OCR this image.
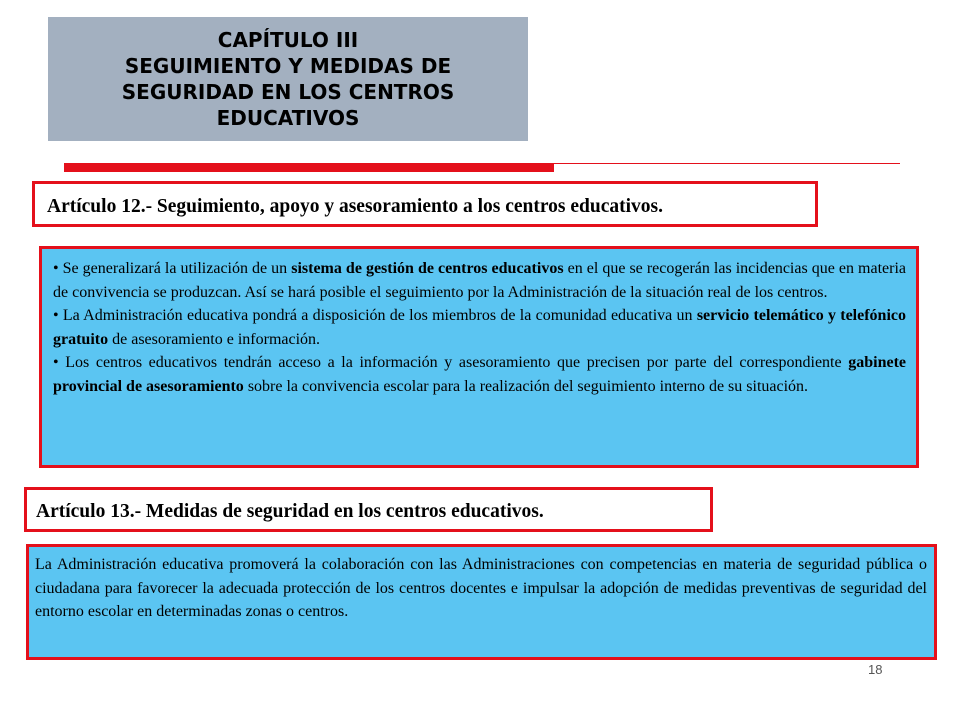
CAPÍTULO III
SEGUIMIENTO Y MEDIDAS DE
SEGURIDAD EN LOS CENTROS
EDUCATIVOS
Artículo 12.- Seguimiento, apoyo y asesoramiento a los centros educativos.

• Se generalizará la utilización de un sistema de gestión de centros educativos en el que se recogerán las incidencias que en materia de convivencia se produzcan. Así se hará posible el seguimiento por la Administración de la situación real de los centros.

• La Administración educativa pondrá a disposición de los miembros de la comunidad educativa un servicio telemático y telefónico gratuito de asesoramiento e información.

• Los centros educativos tendrán acceso a la información y asesoramiento que precisen por parte del correspondiente gabinete provincial de asesoramiento sobre la convivencia escolar para la realización del seguimiento interno de su situación.

Artículo 13.- Medidas de seguridad en los centros educativos.

La Administración educativa promoverá la colaboración con las Administraciones con competencias en materia de seguridad pública o ciudadana para favorecer la adecuada protección de los centros docentes e impulsar la adopción de medidas preventivas de seguridad del entorno escolar en determinadas zonas o centros.

18
